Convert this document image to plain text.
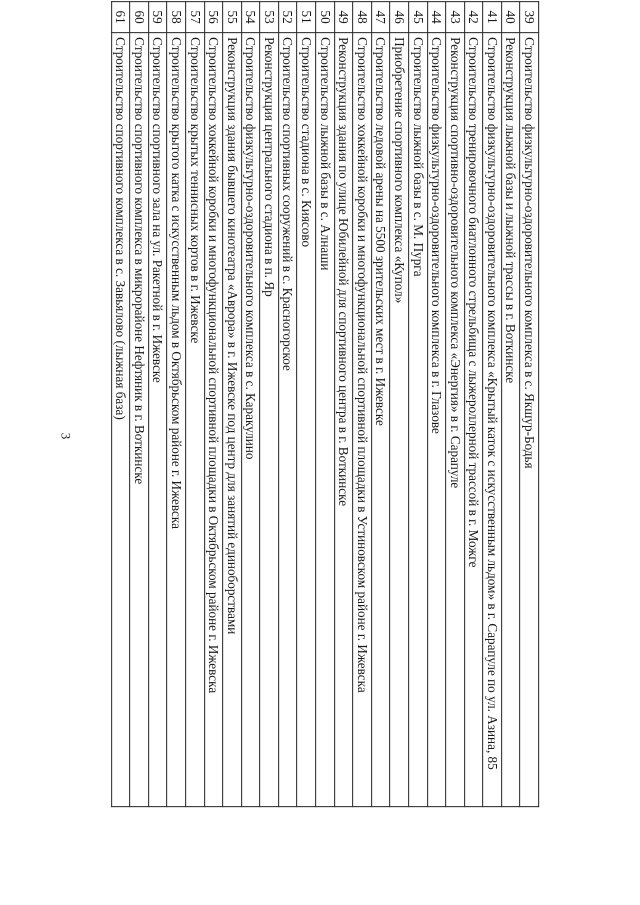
3
39	Строительство физкультурно-оздоровительного комплекса в с. Якшур-Бодья
40	Реконструкция лыжной базы и лыжной трассы в г. Воткинске
41	Строительство физкультурно-оздоровительного комплекса «Крытый каток с искусственным льдом» в г. Сарапуле по ул. Азина, 85
42	Строительство тренировочного биатлонного стрельбища с лыжероллерной трассой в г. Можге
43	Реконструкция спортивно-оздоровительного комплекса «Энергия» в г. Сарапуле
44	Строительство физкультурно-оздоровительного комплекса в г. Глазове
45	Строительство лыжной базы в с. М. Пурга
46	Приобретение спортивного комплекса «Купол»
47	Строительство ледовой арены на 5500 зрительских мест в г. Ижевске
48	Строительство хоккейной коробки и многофункциональной спортивной площадки в Устиновском районе г. Ижевска
49	Реконструкция здания по улице Юбилейной для спортивного центра в г. Воткинске
50	Строительство лыжной базы в с. Алнаши
51	Строительство стадиона в с. Киясово
52	Строительство спортивных сооружений в с. Красногорское
53	Реконструкция центрального стадиона в п. Яр
54	Строительство физкультурно-оздоровительного комплекса в с. Каракулино
55	Реконструкция здания бывшего кинотеатра «Аврора» в г. Ижевске под центр для занятий единоборствами
56	Строительство хоккейной коробки и многофункциональной спортивной площадки в Октябрьском районе г. Ижевска
57	Строительство крытых теннисных кортов в г. Ижевске
58	Строительство крытого катка с искусственным льдом в Октябрьском районе г. Ижевска
59	Строительство спортивного зала на ул. Ракетной в г. Ижевске
60	Строительство спортивного комплекса в микрорайоне Нефтяник в г. Воткинске
61	Строительство спортивного комплекса в с. Завьялово (лыжная база)
